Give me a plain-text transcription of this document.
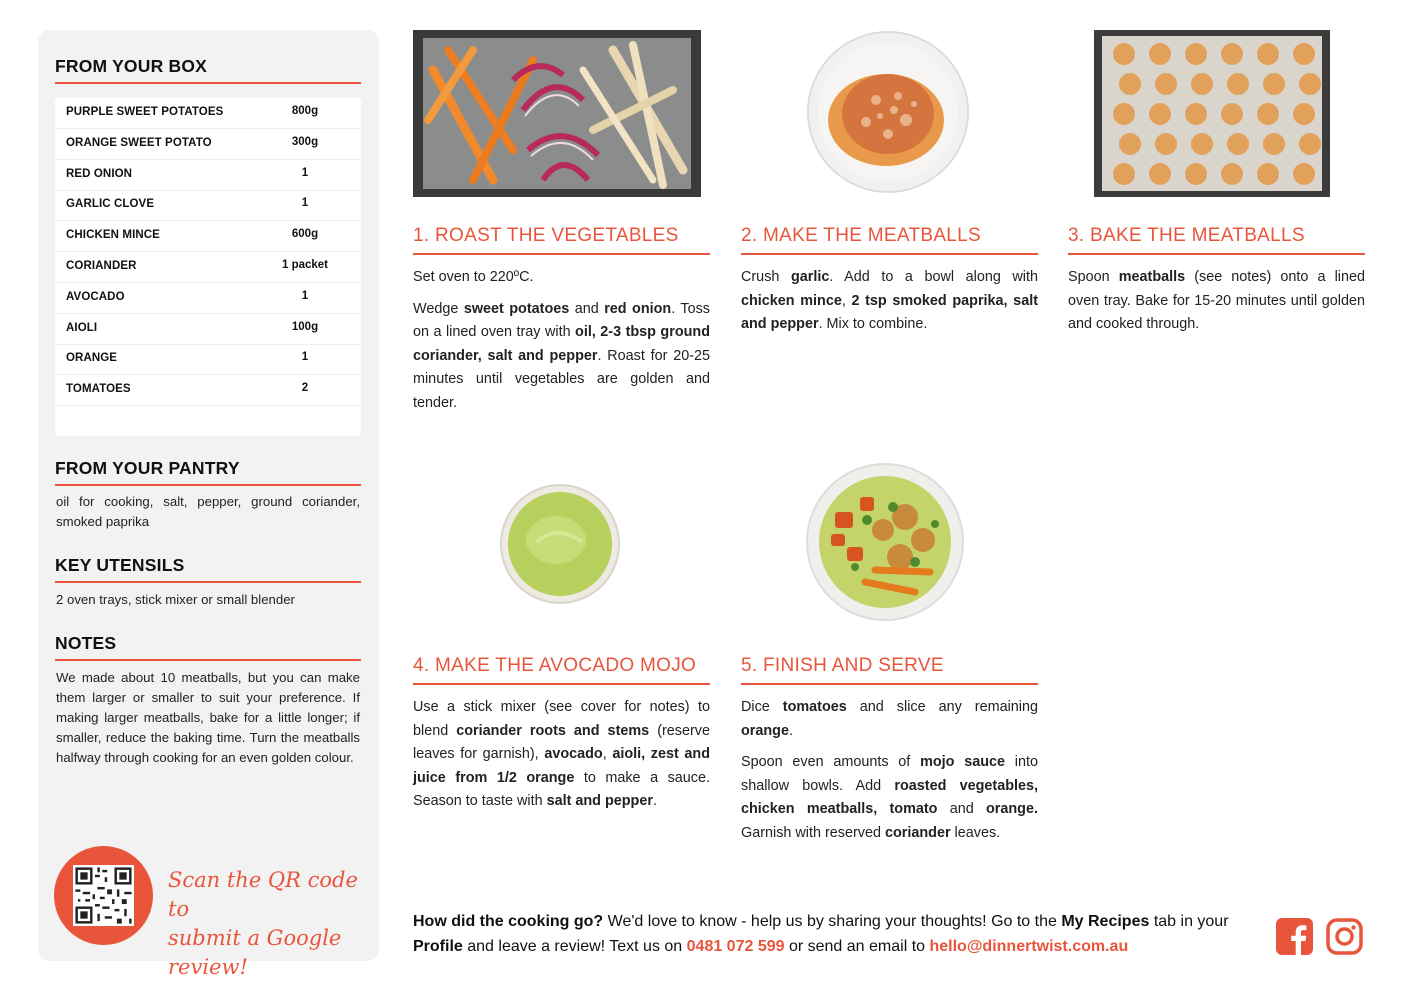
FROM YOUR BOX
PURPLE SWEET POTATOES	800g
ORANGE SWEET POTATO	300g
RED ONION	1
GARLIC CLOVE	1
CHICKEN MINCE	600g
CORIANDER	1 packet
AVOCADO	1
AIOLI	100g
ORANGE	1
TOMATOES	2
FROM YOUR PANTRY
oil for cooking, salt, pepper, ground coriander, smoked paprika
KEY UTENSILS
2 oven trays, stick mixer or small blender
NOTES
We made about 10 meatballs, but you can make them larger or smaller to suit your preference. If making larger meatballs, bake for a little longer; if smaller, reduce the baking time. Turn the meatballs halfway through cooking for an even golden colour.
Scan the QR code to
submit a Google review!
1. ROAST THE VEGETABLES

Set oven to 220ºC.

Wedge sweet potatoes and red onion. Toss on a lined oven tray with oil, 2-3 tbsp ground coriander, salt and pepper. Roast for 20-25 minutes until vegetables are golden and tender.

2. MAKE THE MEATBALLS

Crush garlic. Add to a bowl along with chicken mince, 2 tsp smoked paprika, salt and pepper. Mix to combine.

3. BAKE THE MEATBALLS

Spoon meatballs (see notes) onto a lined oven tray. Bake for 15-20 minutes until golden and cooked through.

4. MAKE THE AVOCADO MOJO

Use a stick mixer (see cover for notes) to blend coriander roots and stems (reserve leaves for garnish), avocado, aioli, zest and juice from 1/2 orange to make a sauce. Season to taste with salt and pepper.

5. FINISH AND SERVE

Dice tomatoes and slice any remaining orange.

Spoon even amounts of mojo sauce into shallow bowls. Add roasted vegetables, chicken meatballs, tomato and orange. Garnish with reserved coriander leaves.

How did the cooking go? We'd love to know - help us by sharing your thoughts! Go to the My Recipes tab in your Profile and leave a review! Text us on 0481 072 599 or send an email to hello@dinnertwist.com.au
